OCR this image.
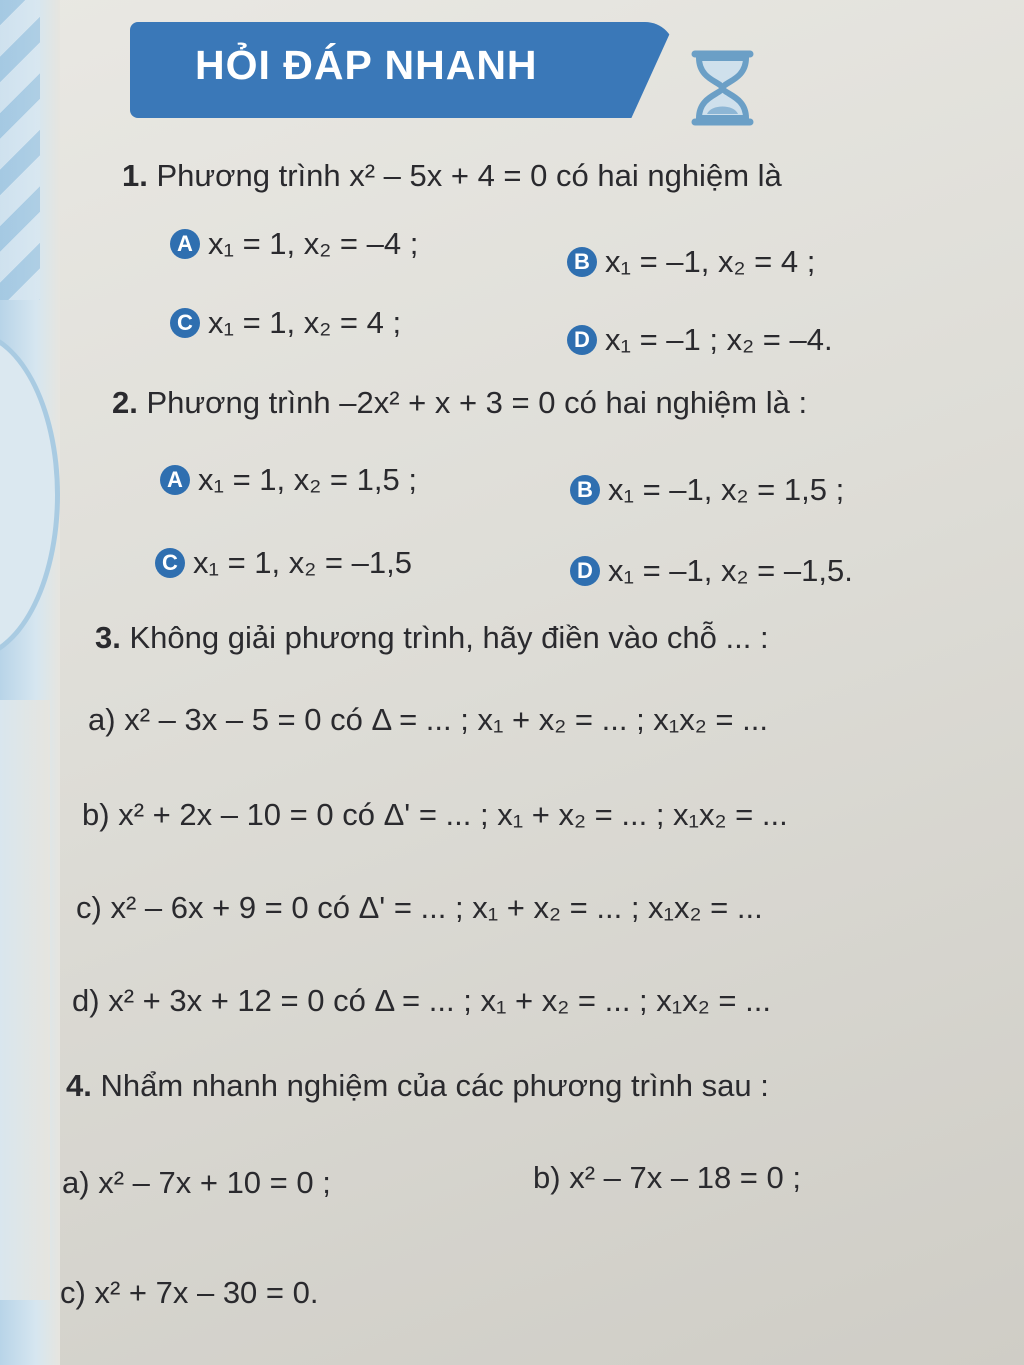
HỎI ĐÁP NHANH
1. Phương trình x² – 5x + 4 = 0 có hai nghiệm là
A x₁ = 1, x₂ = –4 ;
B x₁ = –1, x₂ = 4 ;
C x₁ = 1, x₂ = 4 ;	D x₁ = –1 ; x₂ = –4.
2. Phương trình –2x² + x + 3 = 0 có hai nghiệm là :
A x₁ = 1, x₂ = 1,5 ;	B x₁ = –1, x₂ = 1,5 ;
C x₁ = 1, x₂ = –1,5	D x₁ = –1, x₂ = –1,5.
3. Không giải phương trình, hãy điền vào chỗ ... :
a) x² – 3x – 5 = 0 có Δ = ... ; x₁ + x₂ = ... ; x₁x₂ = ...
b) x² + 2x – 10 = 0 có Δ' = ... ; x₁ + x₂ = ... ; x₁x₂ = ...
c) x² – 6x + 9 = 0 có Δ' = ... ; x₁ + x₂ = ... ; x₁x₂ = ...
d) x² + 3x + 12 = 0 có Δ = ... ; x₁ + x₂ = ... ; x₁x₂ = ...
4. Nhẩm nhanh nghiệm của các phương trình sau :
a) x² – 7x + 10 = 0 ;	b) x² – 7x – 18 = 0 ;
c) x² + 7x – 30 = 0.
